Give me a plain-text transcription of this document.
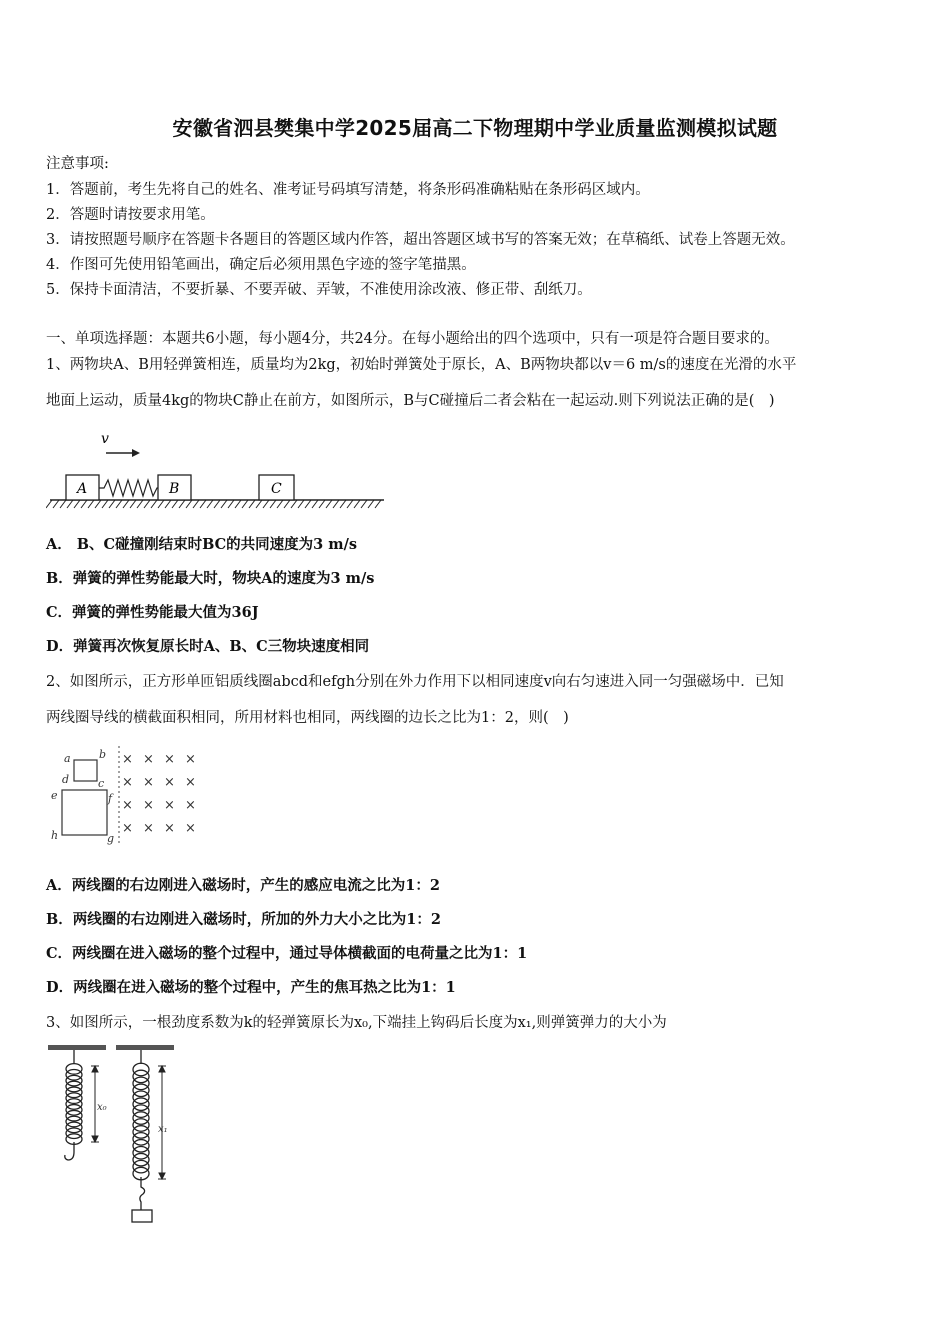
安徽省泗县樊集中学2025届高二下物理期中学业质量监测模拟试题
注意事项:
1．答题前，考生先将自己的姓名、准考证号码填写清楚，将条形码准确粘贴在条形码区域内。
2．答题时请按要求用笔。
3．请按照题号顺序在答题卡各题目的答题区域内作答，超出答题区域书写的答案无效；在草稿纸、试卷上答题无效。
4．作图可先使用铅笔画出，确定后必须用黑色字迹的签字笔描黑。
5．保持卡面清洁，不要折暴、不要弄破、弄皱，不准使用涂改液、修正带、刮纸刀。
一、单项选择题：本题共6小题，每小题4分，共24分。在每小题给出的四个选项中，只有一项是符合题目要求的。
1、两物块A、B用轻弹簧相连，质量均为2kg，初始时弹簧处于原长，A、B两物块都以v＝6 m/s的速度在光滑的水平
地面上运动，质量4kg的物块C静止在前方，如图所示，B与C碰撞后二者会粘在一起运动.则下列说法正确的是(　)
v
A	B	C
A． B、C碰撞刚结束时BC的共同速度为3 m/s
B．弹簧的弹性势能最大时，物块A的速度为3 m/s
C．弹簧的弹性势能最大值为36J
D．弹簧再次恢复原长时A、B、C三物块速度相同
2、如图所示，正方形单匝铝质线圈abcd和efgh分别在外力作用下以相同速度v向右匀速进入同一匀强磁场中．已知
两线圈导线的横截面积相同，所用材料也相同，两线圈的边长之比为1：2，则(　)
a	b
c
d
e	f
g
h
× × × ×
× × × ×
× × × ×
× × × ×
A．两线圈的右边刚进入磁场时，产生的感应电流之比为1：2
B．两线圈的右边刚进入磁场时，所加的外力大小之比为1：2
C．两线圈在进入磁场的整个过程中，通过导体横截面的电荷量之比为1：1
D．两线圈在进入磁场的整个过程中，产生的焦耳热之比为1：1
3、如图所示，一根劲度系数为k的轻弹簧原长为x₀,下端挂上钩码后长度为x₁,则弹簧弹力的大小为
x₀
x₁
